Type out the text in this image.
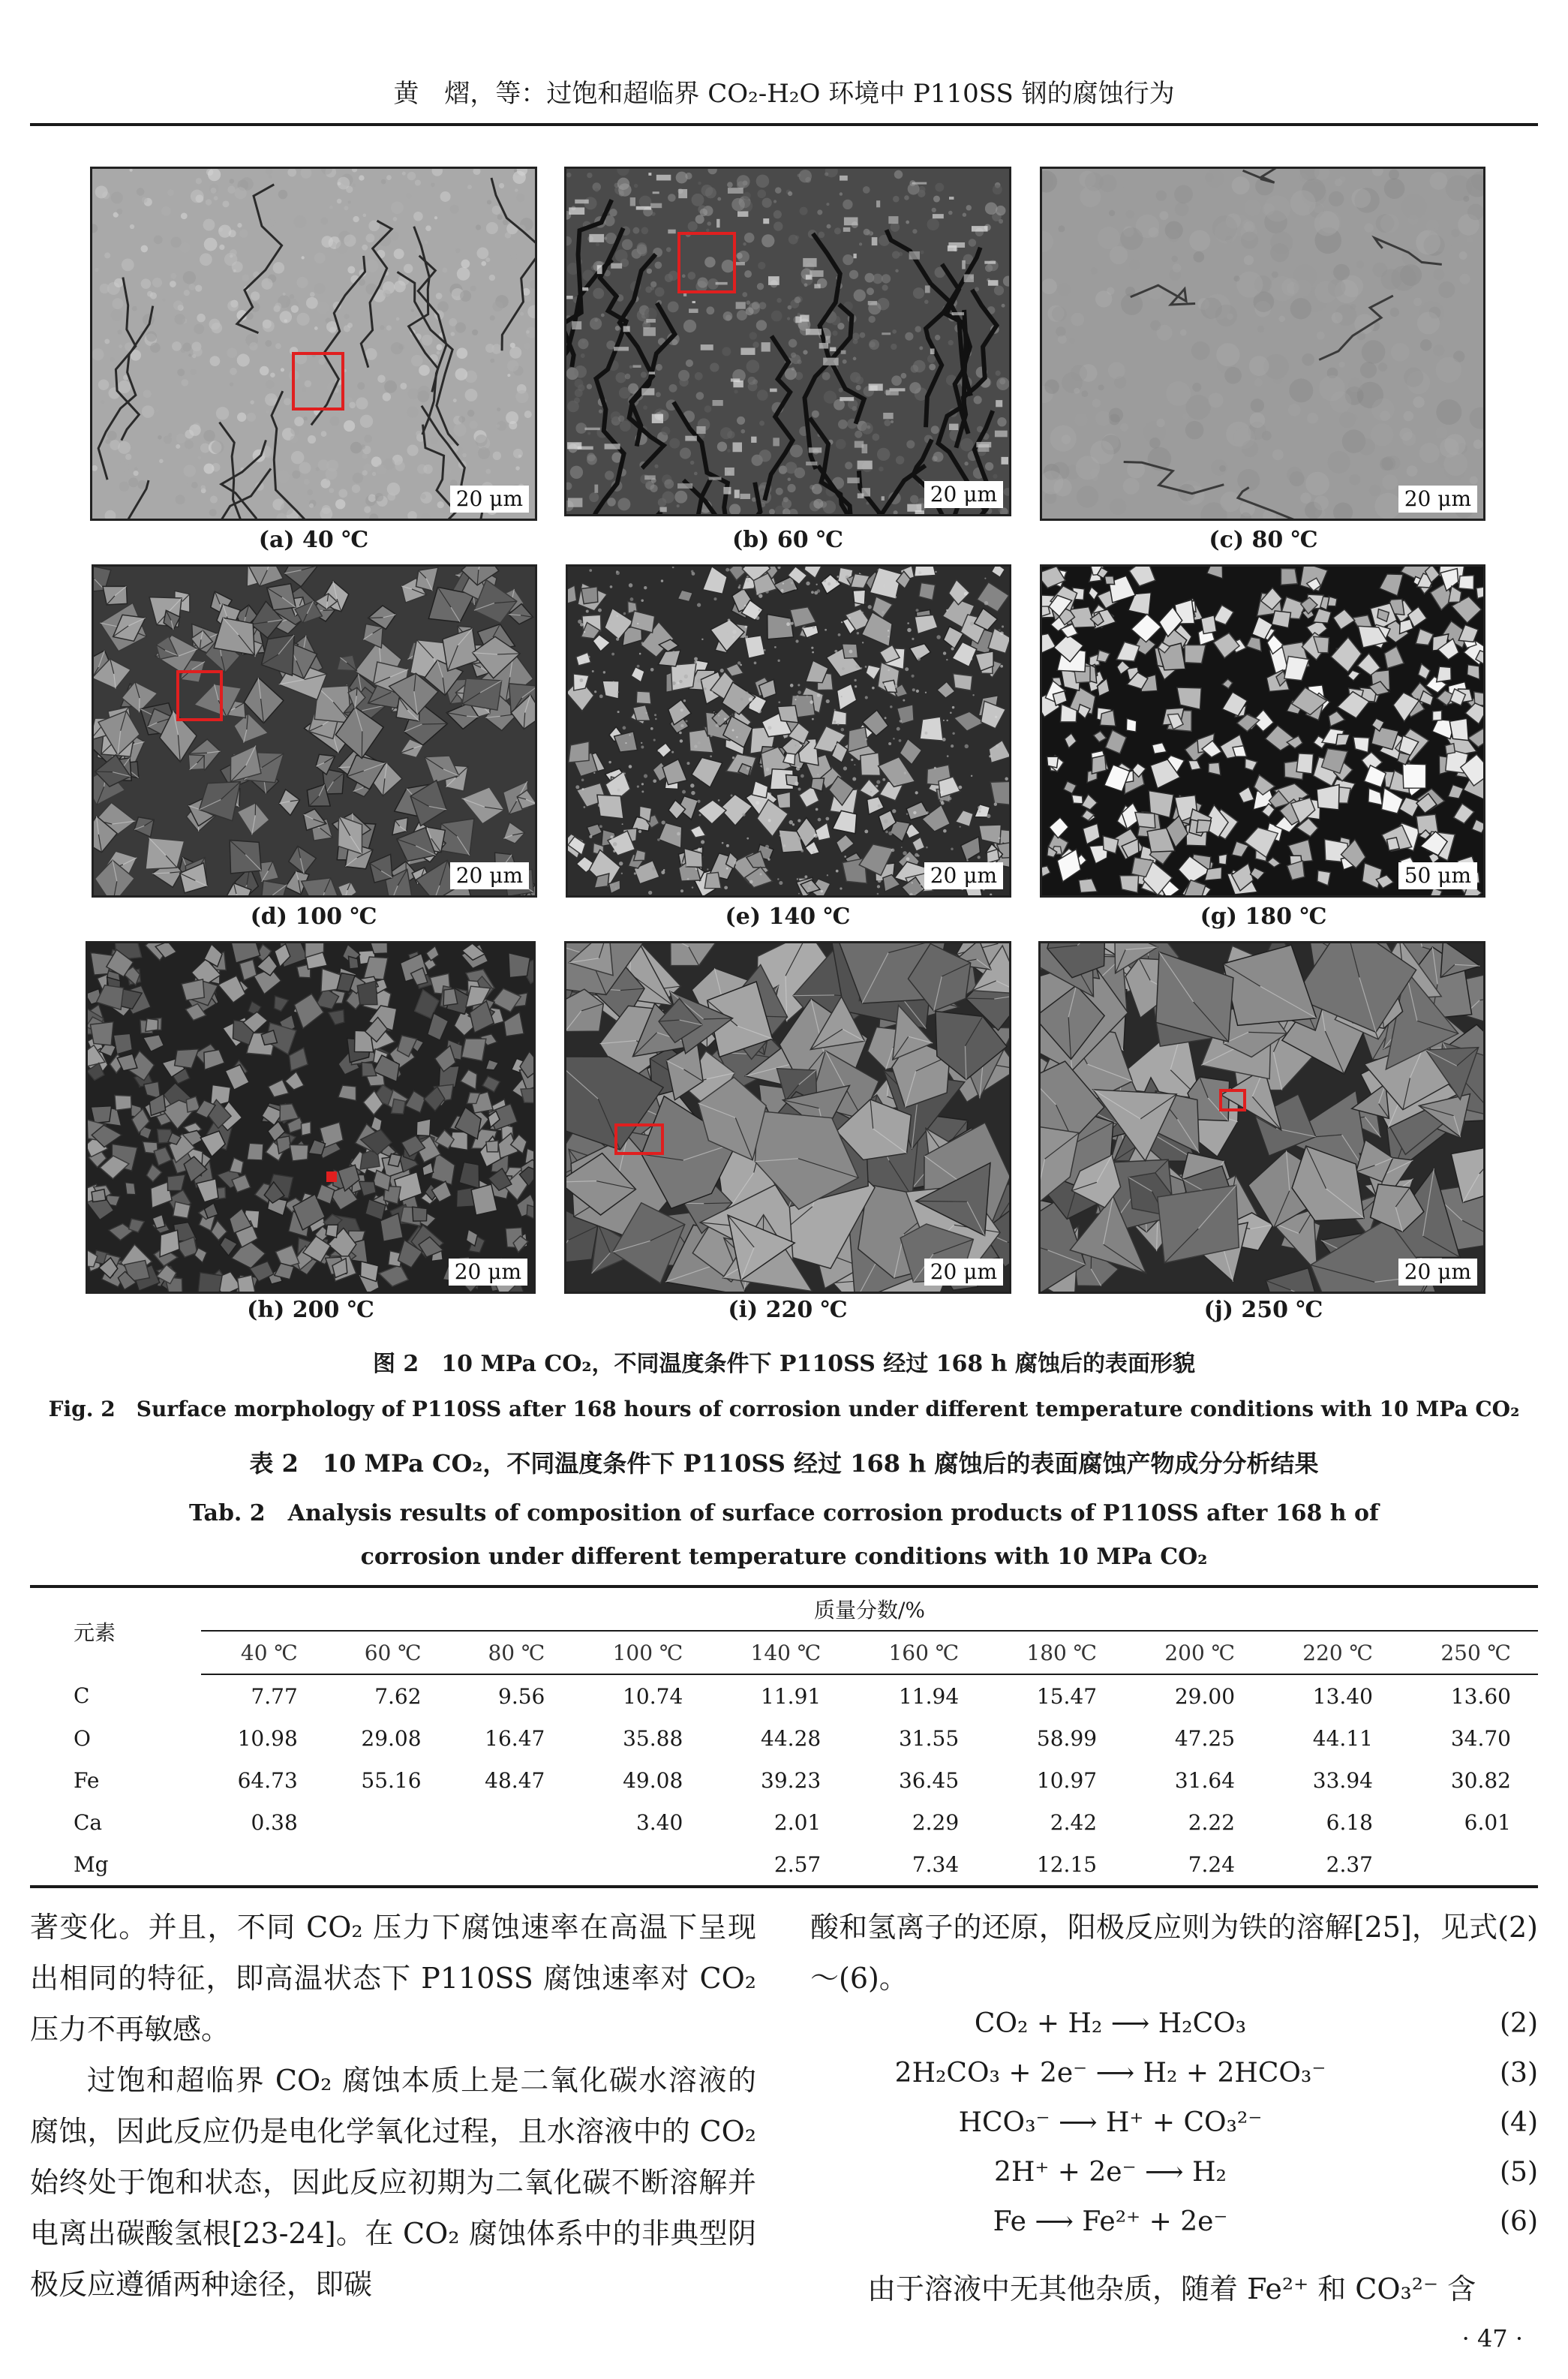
黄　熠，等：过饱和超临界 CO₂-H₂O 环境中 P110SS 钢的腐蚀行为
20 μm
(a) 40 ℃
20 μm
(b) 60 ℃
20 μm
(c) 80 ℃
20 μm
(d) 100 ℃
20 μm
(e) 140 ℃
50 μm
(g) 180 ℃
20 μm
(h) 200 ℃
20 μm
(i) 220 ℃
20 μm
(j) 250 ℃
图 2　10 MPa CO₂，不同温度条件下 P110SS 经过 168 h 腐蚀后的表面形貌
Fig. 2　Surface morphology of P110SS after 168 hours of corrosion under different temperature conditions with 10 MPa CO₂
表 2　10 MPa CO₂，不同温度条件下 P110SS 经过 168 h 腐蚀后的表面腐蚀产物成分分析结果
Tab. 2　Analysis results of composition of surface corrosion products of P110SS after 168 h of corrosion under different temperature conditions with 10 MPa CO₂
元素	质量分数/%									
	40 ℃	60 ℃	80 ℃	100 ℃	140 ℃	160 ℃	180 ℃	200 ℃	220 ℃	250 ℃
C	7.77	7.62	9.56	10.74	11.91	11.94	15.47	29.00	13.40	13.60
O	10.98	29.08	16.47	35.88	44.28	31.55	58.99	47.25	44.11	34.70
Fe	64.73	55.16	48.47	49.08	39.23	36.45	10.97	31.64	33.94	30.82
Ca	0.38			3.40	2.01	2.29	2.42	2.22	6.18	6.01
Mg					2.57	7.34	12.15	7.24	2.37	

著变化。并且，不同 CO₂ 压力下腐蚀速率在高温下呈现出相同的特征，即高温状态下 P110SS 腐蚀速率对 CO₂ 压力不再敏感。

过饱和超临界 CO₂ 腐蚀本质上是二氧化碳水溶液的腐蚀，因此反应仍是电化学氧化过程，且水溶液中的 CO₂ 始终处于饱和状态，因此反应初期为二氧化碳不断溶解并电离出碳酸氢根[23-24]。在 CO₂ 腐蚀体系中的非典型阴极反应遵循两种途径，即碳

酸和氢离子的还原，阳极反应则为铁的溶解[25]，见式(2)～(6)。
CO₂ + H₂ ⟶ H₂CO₃	(2)
2H₂CO₃ + 2e⁻ ⟶ H₂ + 2HCO₃⁻	(3)
HCO₃⁻ ⟶ H⁺ + CO₃²⁻	(4)
2H⁺ + 2e⁻ ⟶ H₂	(5)
Fe ⟶ Fe²⁺ + 2e⁻	(6)
由于溶液中无其他杂质，随着 Fe²⁺ 和 CO₃²⁻ 含
· 47 ·
